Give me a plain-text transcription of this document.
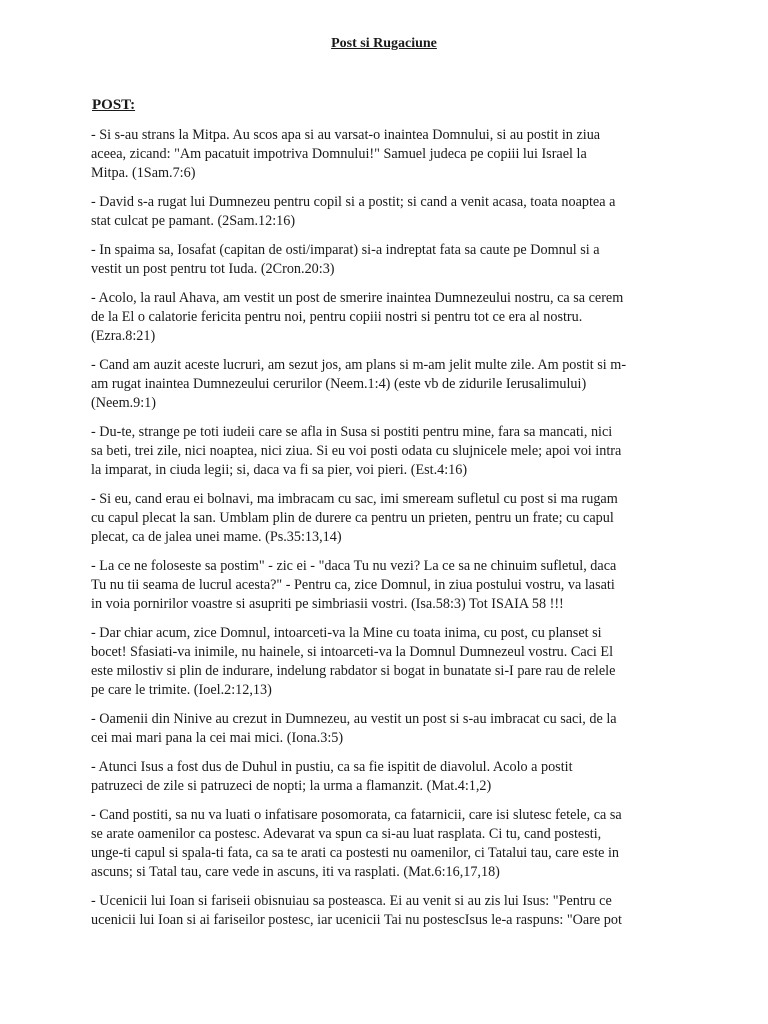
Post si Rugaciune
POST:

- Si s-au strans la Mitpa. Au scos apa si au varsat-o inaintea Domnului, si au postit in ziua
aceea, zicand: "Am pacatuit impotriva Domnului!" Samuel judeca pe copiii lui Israel la
Mitpa. (1Sam.7:6)

- David s-a rugat lui Dumnezeu pentru copil si a postit; si cand a venit acasa, toata noaptea a
stat culcat pe pamant. (2Sam.12:16)

- In spaima sa, Iosafat (capitan de osti/imparat) si-a indreptat fata sa caute pe Domnul si a
vestit un post pentru tot Iuda. (2Cron.20:3)

- Acolo, la raul Ahava, am vestit un post de smerire inaintea Dumnezeului nostru, ca sa cerem
de la El o calatorie fericita pentru noi, pentru copiii nostri si pentru tot ce era al nostru.
(Ezra.8:21)

- Cand am auzit aceste lucruri, am sezut jos, am plans si m-am jelit multe zile. Am postit si m-
am rugat inaintea Dumnezeului cerurilor (Neem.1:4) (este vb de zidurile Ierusalimului)
(Neem.9:1)

- Du-te, strange pe toti iudeii care se afla in Susa si postiti pentru mine, fara sa mancati, nici
sa beti, trei zile, nici noaptea, nici ziua. Si eu voi posti odata cu slujnicele mele; apoi voi intra
la imparat, in ciuda legii; si, daca va fi sa pier, voi pieri. (Est.4:16)

- Si eu, cand erau ei bolnavi, ma imbracam cu sac, imi smeream sufletul cu post si ma rugam
cu capul plecat la san. Umblam plin de durere ca pentru un prieten, pentru un frate; cu capul
plecat, ca de jalea unei mame. (Ps.35:13,14)

- La ce ne foloseste sa postim" - zic ei - "daca Tu nu vezi? La ce sa ne chinuim sufletul, daca
Tu nu tii seama de lucrul acesta?" - Pentru ca, zice Domnul, in ziua postului vostru, va lasati
in voia pornirilor voastre si asupriti pe simbriasii vostri. (Isa.58:3) Tot ISAIA 58 !!!

- Dar chiar acum, zice Domnul, intoarceti-va la Mine cu toata inima, cu post, cu planset si
bocet! Sfasiati-va inimile, nu hainele, si intoarceti-va la Domnul Dumnezeul vostru. Caci El
este milostiv si plin de indurare, indelung rabdator si bogat in bunatate si-I pare rau de relele
pe care le trimite. (Ioel.2:12,13)

- Oamenii din Ninive au crezut in Dumnezeu, au vestit un post si s-au imbracat cu saci, de la
cei mai mari pana la cei mai mici. (Iona.3:5)

- Atunci Isus a fost dus de Duhul in pustiu, ca sa fie ispitit de diavolul. Acolo a postit
patruzeci de zile si patruzeci de nopti; la urma a flamanzit. (Mat.4:1,2)

- Cand postiti, sa nu va luati o infatisare posomorata, ca fatarnicii, care isi slutesc fetele, ca sa
se arate oamenilor ca postesc. Adevarat va spun ca si-au luat rasplata. Ci tu, cand postesti,
unge-ti capul si spala-ti fata, ca sa te arati ca postesti nu oamenilor, ci Tatalui tau, care este in
ascuns; si Tatal tau, care vede in ascuns, iti va rasplati. (Mat.6:16,17,18)

- Ucenicii lui Ioan si fariseii obisnuiau sa posteasca. Ei au venit si au zis lui Isus: "Pentru ce
ucenicii lui Ioan si ai fariseilor postesc, iar ucenicii Tai nu postescIsus le-a raspuns: "Oare pot
